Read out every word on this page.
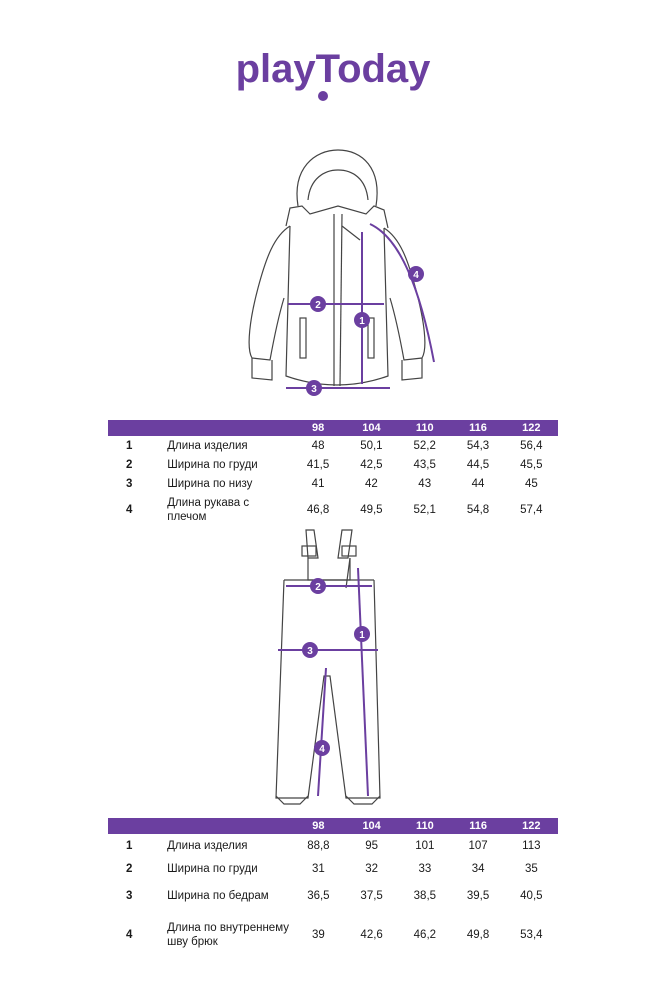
playToday
1
2
3
4
		98	104	110	116	122
1	Длина изделия	48	50,1	52,2	54,3	56,4
2	Ширина по груди	41,5	42,5	43,5	44,5	45,5
3	Ширина по низу	41	42	43	44	45
4	Длина рукава с плечом	46,8	49,5	52,1	54,8	57,4
1
2
3
4
		98	104	110	116	122
1	Длина изделия	88,8	95	101	107	113
2	Ширина по груди	31	32	33	34	35
3	Ширина по бедрам	36,5	37,5	38,5	39,5	40,5
4	Длина по внутреннему шву брюк	39	42,6	46,2	49,8	53,4
